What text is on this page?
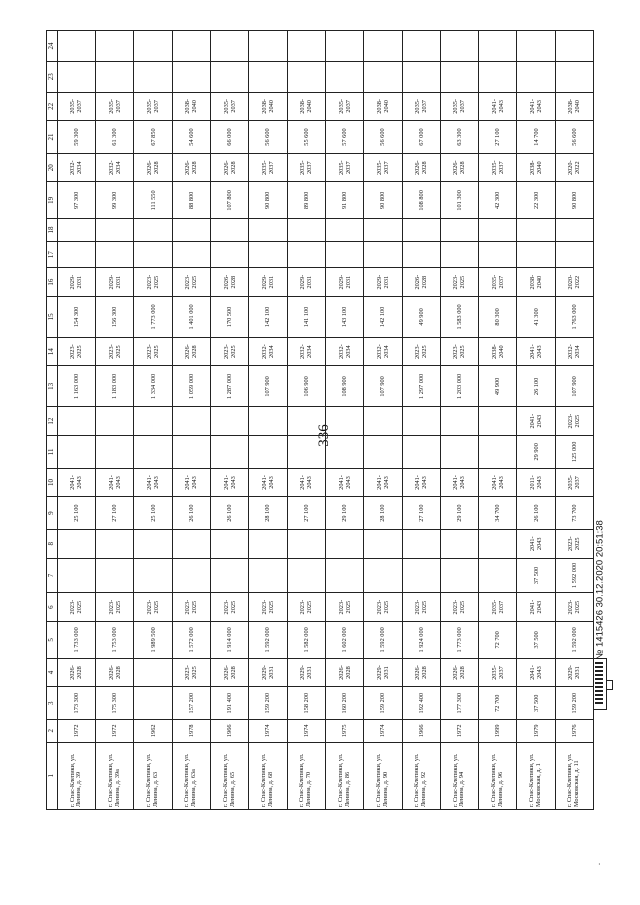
336
1	2	3	4	5	6	7	8	9	10	11	12	13	14	15	16	17	18	19	20	21	22	23	24
г. Спас-Клепики, ул. Ленина, д. 39	1972	173 300	2026-2028	1 733 000	2023-2025			25 100	2041-2043			1 163 000	2023-2025	154 300	2029-2031			97 300	2032-2034	59 300	2035-2037		
г. Спас-Клепики, ул. Ленина, д. 39а	1972	175 300	2026-2028	1 753 000	2023-2025			27 100	2041-2043			1 183 000	2023-2025	156 300	2029-2031			99 300	2032-2034	61 300	2035-2037		
г. Спас-Клепики, ул. Ленина, д. 63	1962			1 989 500	2023-2025			25 100	2041-2043			1 334 000	2023-2025	1 773 000	2023-2025			111 550	2026-2028	67 850	2035-2037		
г. Спас-Клепики, ул. Ленина, д. 63а	1978	157 200	2023-2025	1 572 000	2023-2025			26 100	2041-2043			1 059 000	2026-2028	1 401 000	2023-2025			88 800	2026-2028	54 600	2038-2040		
г. Спас-Клепики, ул. Ленина, д. 65	1966	191 400	2026-2028	1 914 000	2023-2025			26 100	2041-2043			1 287 000	2023-2025	170 500	2026-2028			107 800	2026-2028	66 000	2035-2037		
г. Спас-Клепики, ул. Ленина, д. 68	1974	159 200	2029-2031	1 592 000	2023-2025			28 100	2041-2043			107 900	2032-2034	142 100	2029-2031			90 800	2035-2037	56 600	2038-2040		
г. Спас-Клепики, ул. Ленина, д. 70	1974	158 200	2029-2031	1 582 000	2023-2025			27 100	2041-2043			106 900	2032-2034	141 100	2029-2031			89 800	2035-2037	55 600	2038-2040		
г. Спас-Клепики, ул. Ленина, д. 86	1975	160 200	2026-2028	1 602 000	2023-2025			29 100	2041-2043			108 900	2032-2034	143 100	2029-2031			91 800	2035-2037	57 600	2035-2037		
г. Спас-Клепики, ул. Ленина, д. 90	1974	159 200	2029-2031	1 592 000	2023-2025			28 100	2041-2043			107 900	2032-2034	142 100	2029-2031			90 800	2035-2037	56 600	2038-2040		
г. Спас-Клепики, ул. Ленина, д. 92	1966	192 400	2026-2028	1 924 000	2023-2025			27 100	2041-2043			1 297 000	2023-2025	49 900	2026-2028			108 800	2026-2028	67 000	2035-2037		
г. Спас-Клепики, ул. Ленина, д. 94	1972	177 300	2026-2028	1 773 000	2023-2025			29 100	2041-2043			1 203 000	2023-2025	1 583 000	2023-2025			101 300	2026-2028	63 300	2035-2037		
г. Спас-Клепики, ул. Ленина, д. 96	1999	72 700	2035-2037	72 700	2035-2037			34 700	2041-2043			49 900	2038-2040	80 300	2035-2037			42 300	2035-2037	27 100	2041-2043		
г. Спас-Клепики, ул. Московская, д. 1	1979	37 500	2041-2043	37 500	2041-2043	37 500	2041-2043	26 100	2011-2043	29 900	2041-2043	26 100	2041-2043	41 300	2038-2040			22 300	2038-2040	14 700	2041-2043		
г. Спас-Клепики, ул. Московская, д. 11	1976	159 200	2029-2031	1 592 000	2023-2025	1 592 000	2023-2025	73 700	2035-2037	125 000	2023-2025	107 900	2032-2034	1 763 000	2020-2022			90 800	2020-2022	56 600	2038-2040		
№ 1415426 30.12.2020 20:51:38
·
